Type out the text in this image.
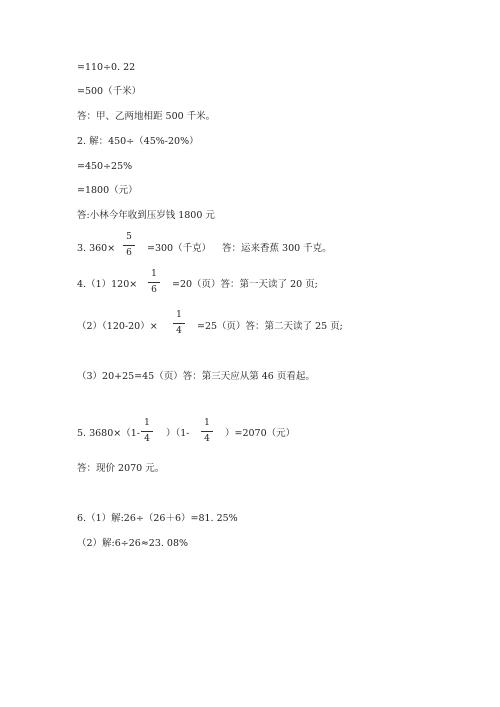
=110÷0. 22
=500（千米）
答：甲、乙两地相距 500 千米。
2. 解：450÷（45%-20%）
=450÷25%
=1800（元）
答:小林今年收到压岁钱 1800 元
3. 360×
5
6	=300（千克） 答：运来香蕉 300 千克。
4.（1）120×
1
6	=20（页）答：第一天读了 20 页;
（2）（120-20）×
1
4	=25（页）答：第二天读了 25 页;
（3）20+25=45（页）答：第三天应从第 46 页看起。
5. 3680×（1-
1
4	）（1-
1
4	）=2070（元）
答：现价 2070 元。
6.（1）解:26÷（26＋6）=81. 25%
（2）解:6÷26≈23. 08%
